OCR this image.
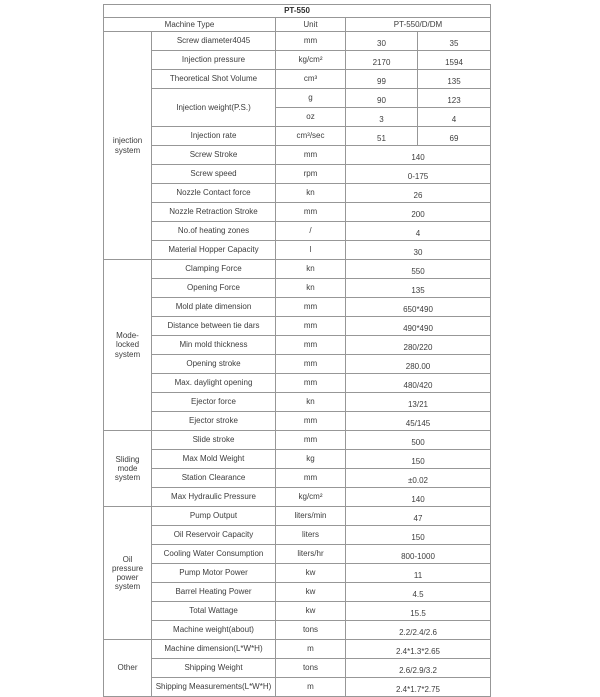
PT-550				
Machine Type		Unit	PT-550/D/DM	
injection system	Screw diameter4045	mm	30	35
	Injection pressure	kg/cm²	2170	1594
	Theoretical Shot Volume	cm³	99	135
	Injection weight(P.S.)	g	90	123
		oz	3	4
	Injection rate	cm³/sec	51	69
	Screw Stroke	mm	140	
	Screw speed	rpm	0-175	
	Nozzle Contact force	kn	26	
	Nozzle Retraction Stroke	mm	200	
	No.of heating zones	/	4	
	Material Hopper Capacity	l	30	
Mode-locked system	Clamping Force	kn	550	
	Opening Force	kn	135	
	Mold plate dimension	mm	650*490	
	Distance between tie dars	mm	490*490	
	Min mold thickness	mm	280/220	
	Opening stroke	mm	280.00	
	Max. daylight opening	mm	480/420	
	Ejector force	kn	13/21	
	Ejector stroke	mm	45/145	
Sliding mode system	Slide stroke	mm	500	
	Max Mold Weight	kg	150	
	Station Clearance	mm	±0.02	
	Max Hydraulic Pressure	kg/cm²	140	
Oil pressure power system	Pump Output	liters/min	47	
	Oil Reservoir Capacity	liters	150	
	Cooling Water Consumption	liters/hr	800-1000	
	Pump Motor Power	kw	11	
	Barrel Heating Power	kw	4.5	
	Total Wattage	kw	15.5	
	Machine weight(about)	tons	2.2/2.4/2.6	
Other	Machine dimension(L*W*H)	m	2.4*1.3*2.65	
	Shipping Weight	tons	2.6/2.9/3.2	
	Shipping Measurements(L*W*H)	m	2.4*1.7*2.75	
